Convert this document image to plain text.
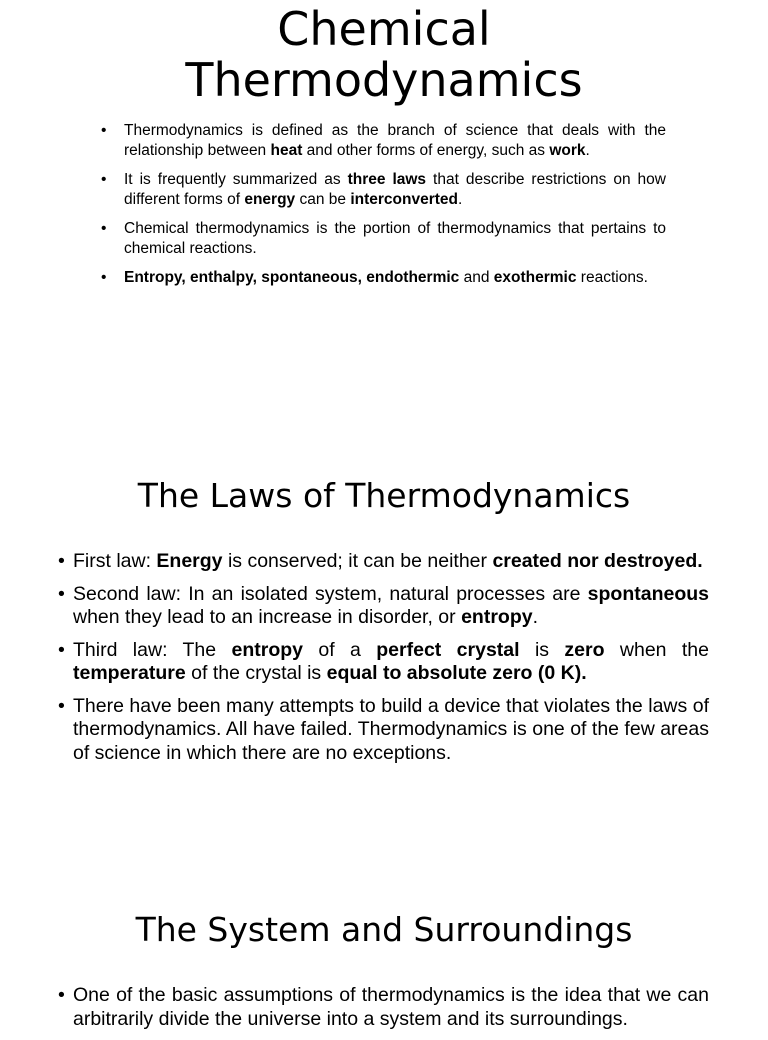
Chemical
Thermodynamics
• Thermodynamics is defined as the branch of science that deals with the relationship between heat and other forms of energy, such as work.
• It is frequently summarized as three laws that describe restrictions on how different forms of energy can be interconverted.
• Chemical thermodynamics is the portion of thermodynamics that pertains to chemical reactions.
• Entropy, enthalpy, spontaneous, endothermic and exothermic reactions.
The Laws of Thermodynamics
• First law: Energy is conserved; it can be neither created nor destroyed.
• Second law: In an isolated system, natural processes are spontaneous when they lead to an increase in disorder, or entropy.
• Third law: The entropy of a perfect crystal is zero when the temperature of the crystal is equal to absolute zero (0 K).
• There have been many attempts to build a device that violates the laws of thermodynamics. All have failed. Thermodynamics is one of the few areas of science in which there are no exceptions.
The System and Surroundings
• One of the basic assumptions of thermodynamics is the idea that we can arbitrarily divide the universe into a system and its surroundings.
